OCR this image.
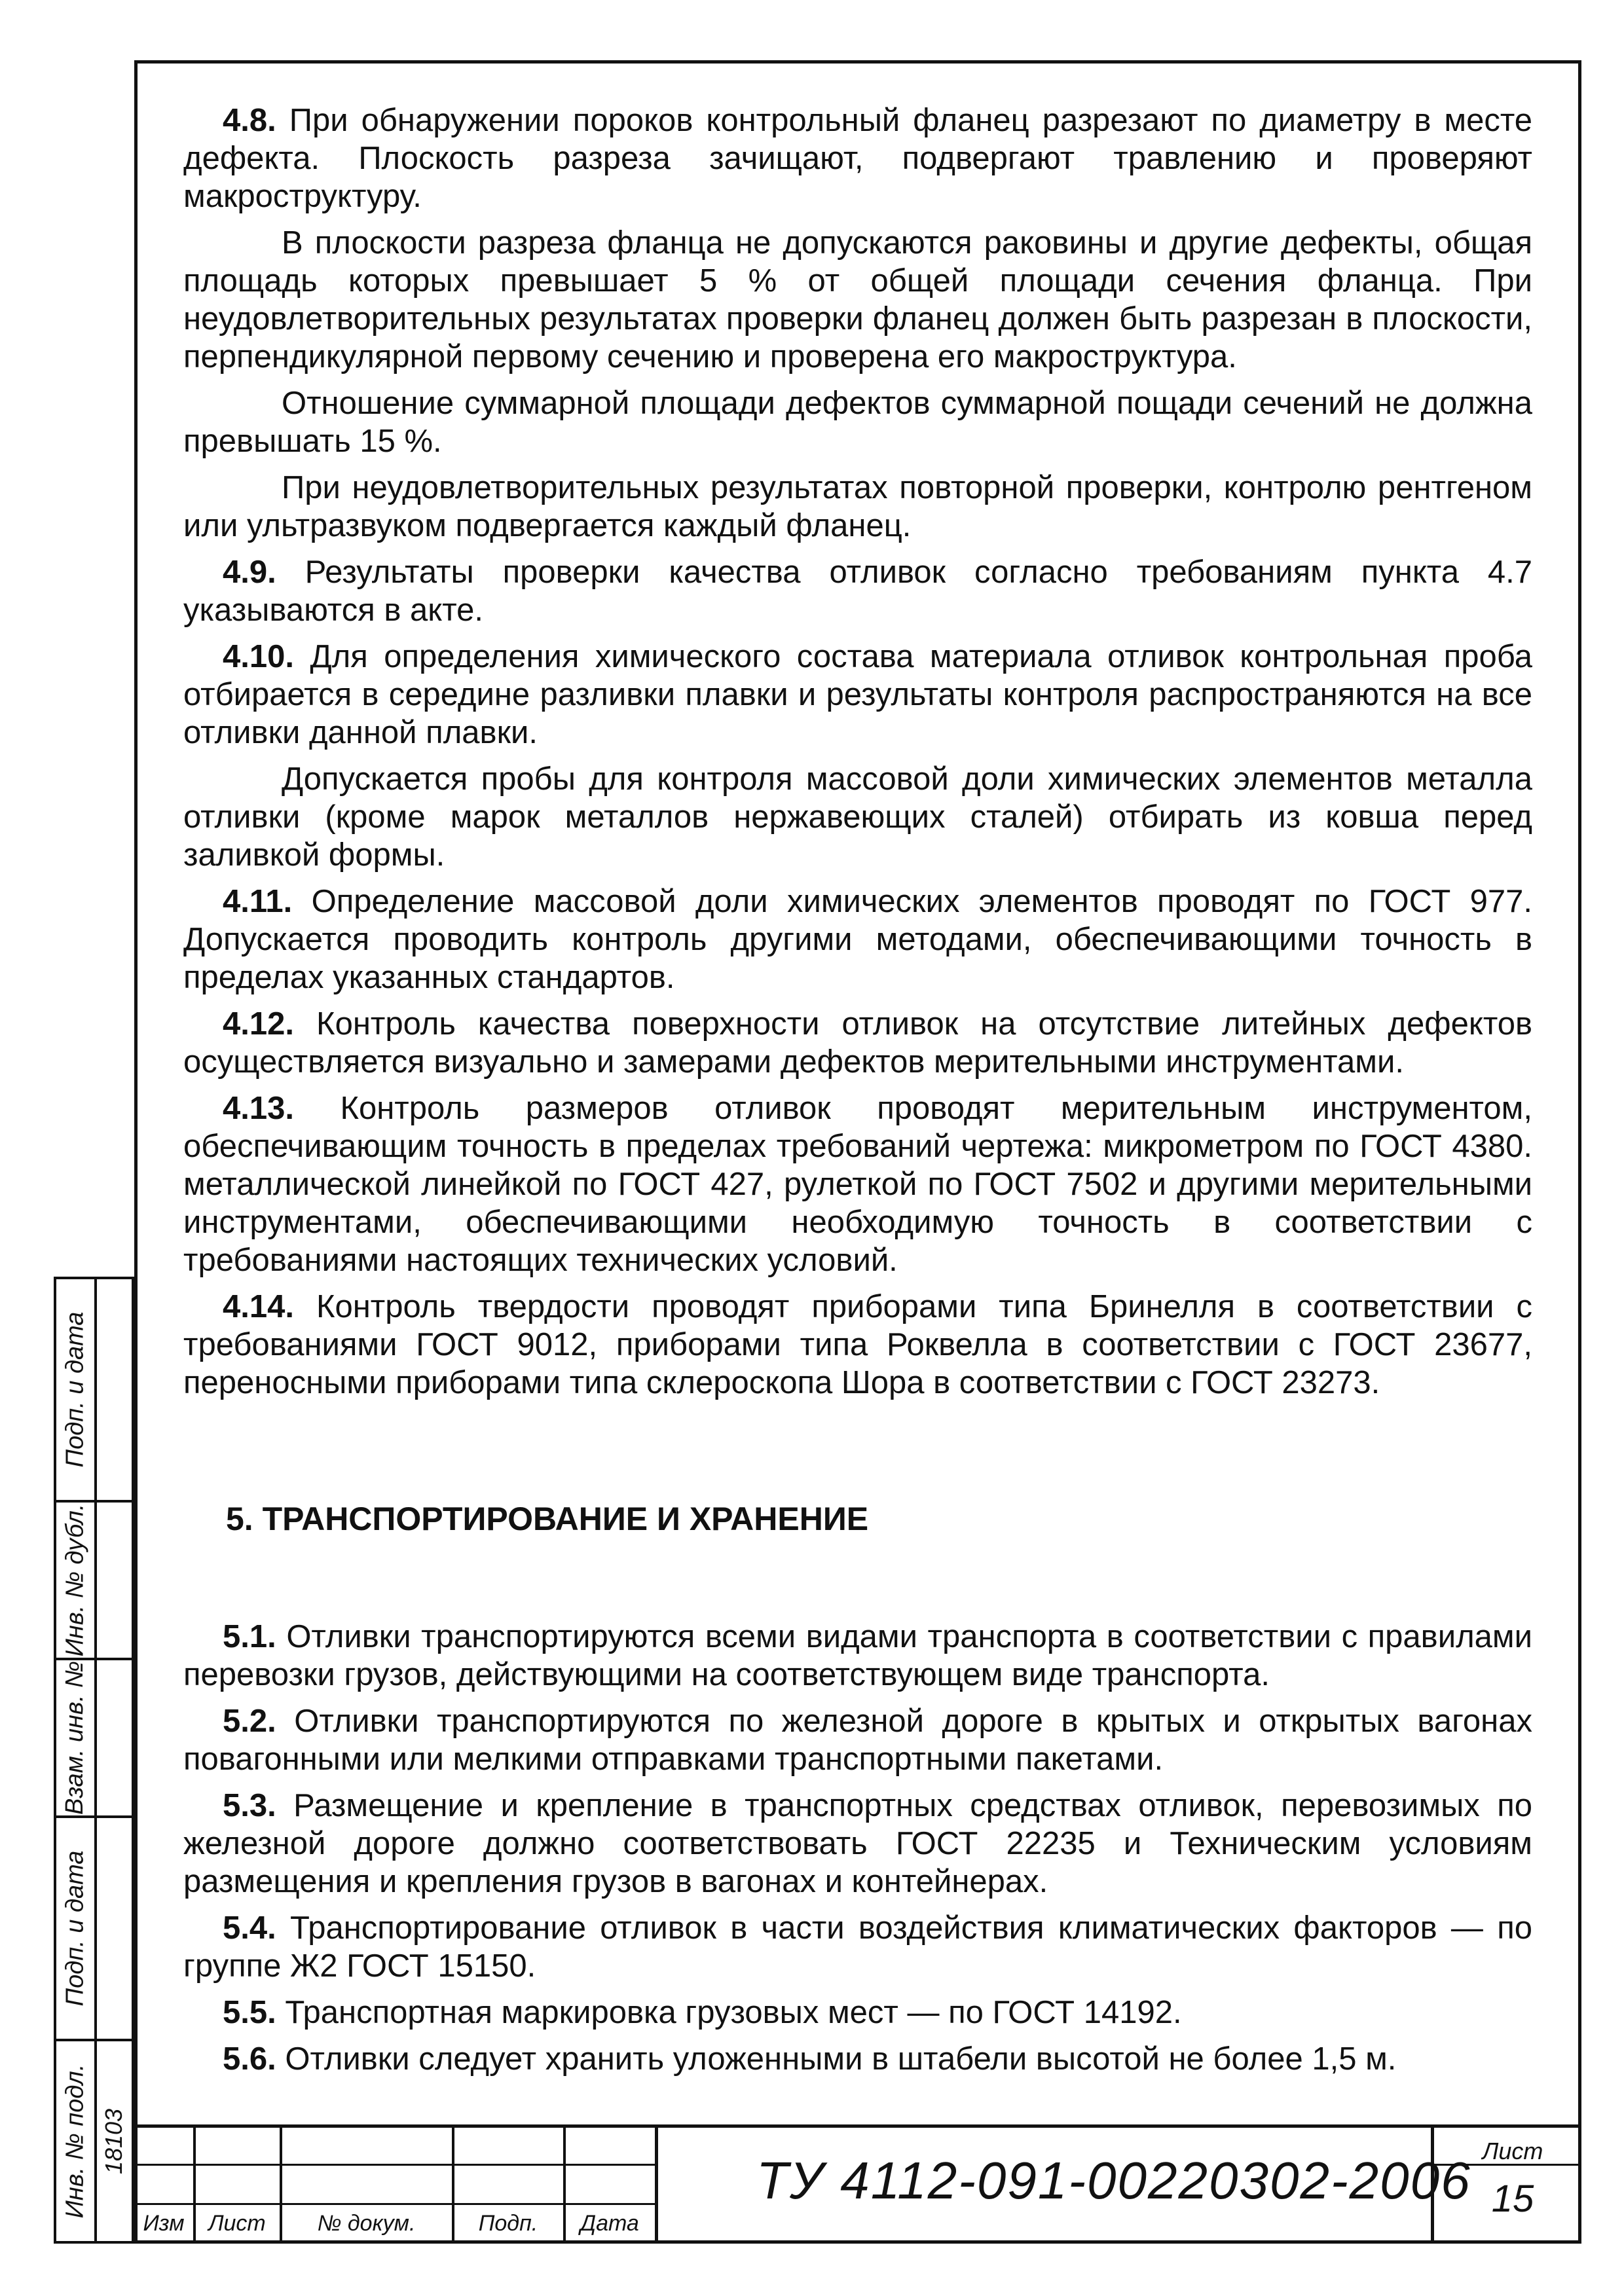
4.8. При обнаружении пороков контрольный фланец разрезают по диаметру в месте дефекта. Плоскость разреза зачищают, подвергают травлению и проверяют макроструктуру.

В плоскости разреза фланца не допускаются раковины и другие дефекты, общая площадь которых превышает 5 % от общей площади сечения фланца. При неудовлетворительных результатах проверки фланец должен быть разрезан в плоскости, перпендикулярной первому сечению и проверена его макроструктура.

Отношение суммарной площади дефектов суммарной пощади сечений не должна превышать 15 %.

При неудовлетворительных результатах повторной проверки, контролю рентгеном или ультразвуком подвергается каждый фланец.

4.9. Результаты проверки качества отливок согласно требованиям пункта 4.7 указываются в акте.

4.10. Для определения химического состава материала отливок контрольная проба отбирается в середине разливки плавки и результаты контроля распространяются на все отливки данной плавки.

Допускается пробы для контроля массовой доли химических элементов металла отливки (кроме марок металлов нержавеющих сталей) отбирать из ковша перед заливкой формы.

4.11. Определение массовой доли химических элементов проводят по ГОСТ 977. Допускается проводить контроль другими методами, обеспечивающими точность в пределах указанных стандартов.

4.12. Контроль качества поверхности отливок на отсутствие литейных дефектов осуществляется визуально и замерами дефектов мерительными инструментами.

4.13. Контроль размеров отливок проводят мерительным инструментом, обеспечивающим точность в пределах требований чертежа: микрометром по ГОСТ 4380. металлической линейкой по ГОСТ 427, рулеткой по ГОСТ 7502 и другими мерительными инструментами, обеспечивающими необходимую точность в соответствии с требованиями настоящих технических условий.

4.14. Контроль твердости проводят приборами типа Бринелля в соответствии с требованиями ГОСТ 9012, приборами типа Роквелла в соответствии с ГОСТ 23677, переносными приборами типа склероскопа Шора в соответствии с ГОСТ 23273.

5. ТРАНСПОРТИРОВАНИЕ И ХРАНЕНИЕ

5.1. Отливки транспортируются всеми видами транспорта в соответствии с правилами перевозки грузов, действующими на соответствующем виде транспорта.

5.2. Отливки транспортируются по железной дороге в крытых и открытых вагонах повагонными или мелкими отправками транспортными пакетами.

5.3. Размещение и крепление в транспортных средствах отливок, перевозимых по железной дороге должно соответствовать ГОСТ 22235 и Техническим условиям размещения и крепления грузов в вагонах и контейнерах.

5.4. Транспортирование отливок в части воздействия климатических факторов — по группе Ж2 ГОСТ 15150.

5.5. Транспортная маркировка грузовых мест — по ГОСТ 14192.

5.6. Отливки следует хранить уложенными в штабели высотой не более 1,5 м.

Подп. и дата
Инв. № дубл.
Взам. инв. №
Подп. и дата
Инв. № подл. 18103
Изм	Лист	№ докум.	Подп.	Дата
ТУ 4112-091-00220302-2006
Лист
15
